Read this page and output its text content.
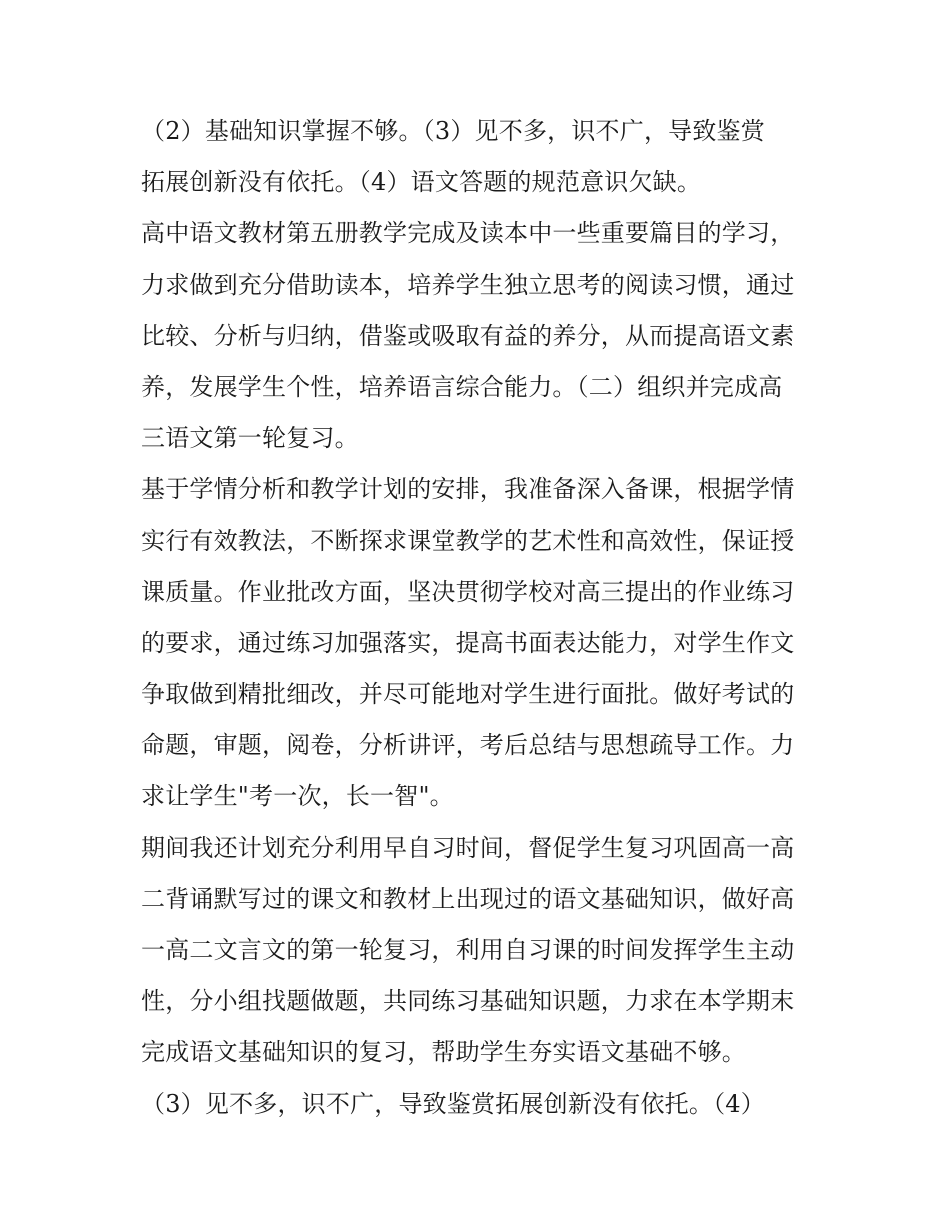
（2）基础知识掌握不够。（3）见不多，识不广，导致鉴赏
拓展创新没有依托。（4）语文答题的规范意识欠缺。
高中语文教材第五册教学完成及读本中一些重要篇目的学习，
力求做到充分借助读本，培养学生独立思考的阅读习惯，通过
比较、分析与归纳，借鉴或吸取有益的养分，从而提高语文素
养，发展学生个性，培养语言综合能力。（二）组织并完成高
三语文第一轮复习。
基于学情分析和教学计划的安排，我准备深入备课，根据学情
实行有效教法，不断探求课堂教学的艺术性和高效性，保证授
课质量。作业批改方面，坚决贯彻学校对高三提出的作业练习
的要求，通过练习加强落实，提高书面表达能力，对学生作文
争取做到精批细改，并尽可能地对学生进行面批。做好考试的
命题，审题，阅卷，分析讲评，考后总结与思想疏导工作。力
求让学生"考一次，长一智"。
期间我还计划充分利用早自习时间，督促学生复习巩固高一高
二背诵默写过的课文和教材上出现过的语文基础知识，做好高
一高二文言文的第一轮复习，利用自习课的时间发挥学生主动
性，分小组找题做题，共同练习基础知识题，力求在本学期末
完成语文基础知识的复习，帮助学生夯实语文基础不够。
（3）见不多，识不广，导致鉴赏拓展创新没有依托。（4）
